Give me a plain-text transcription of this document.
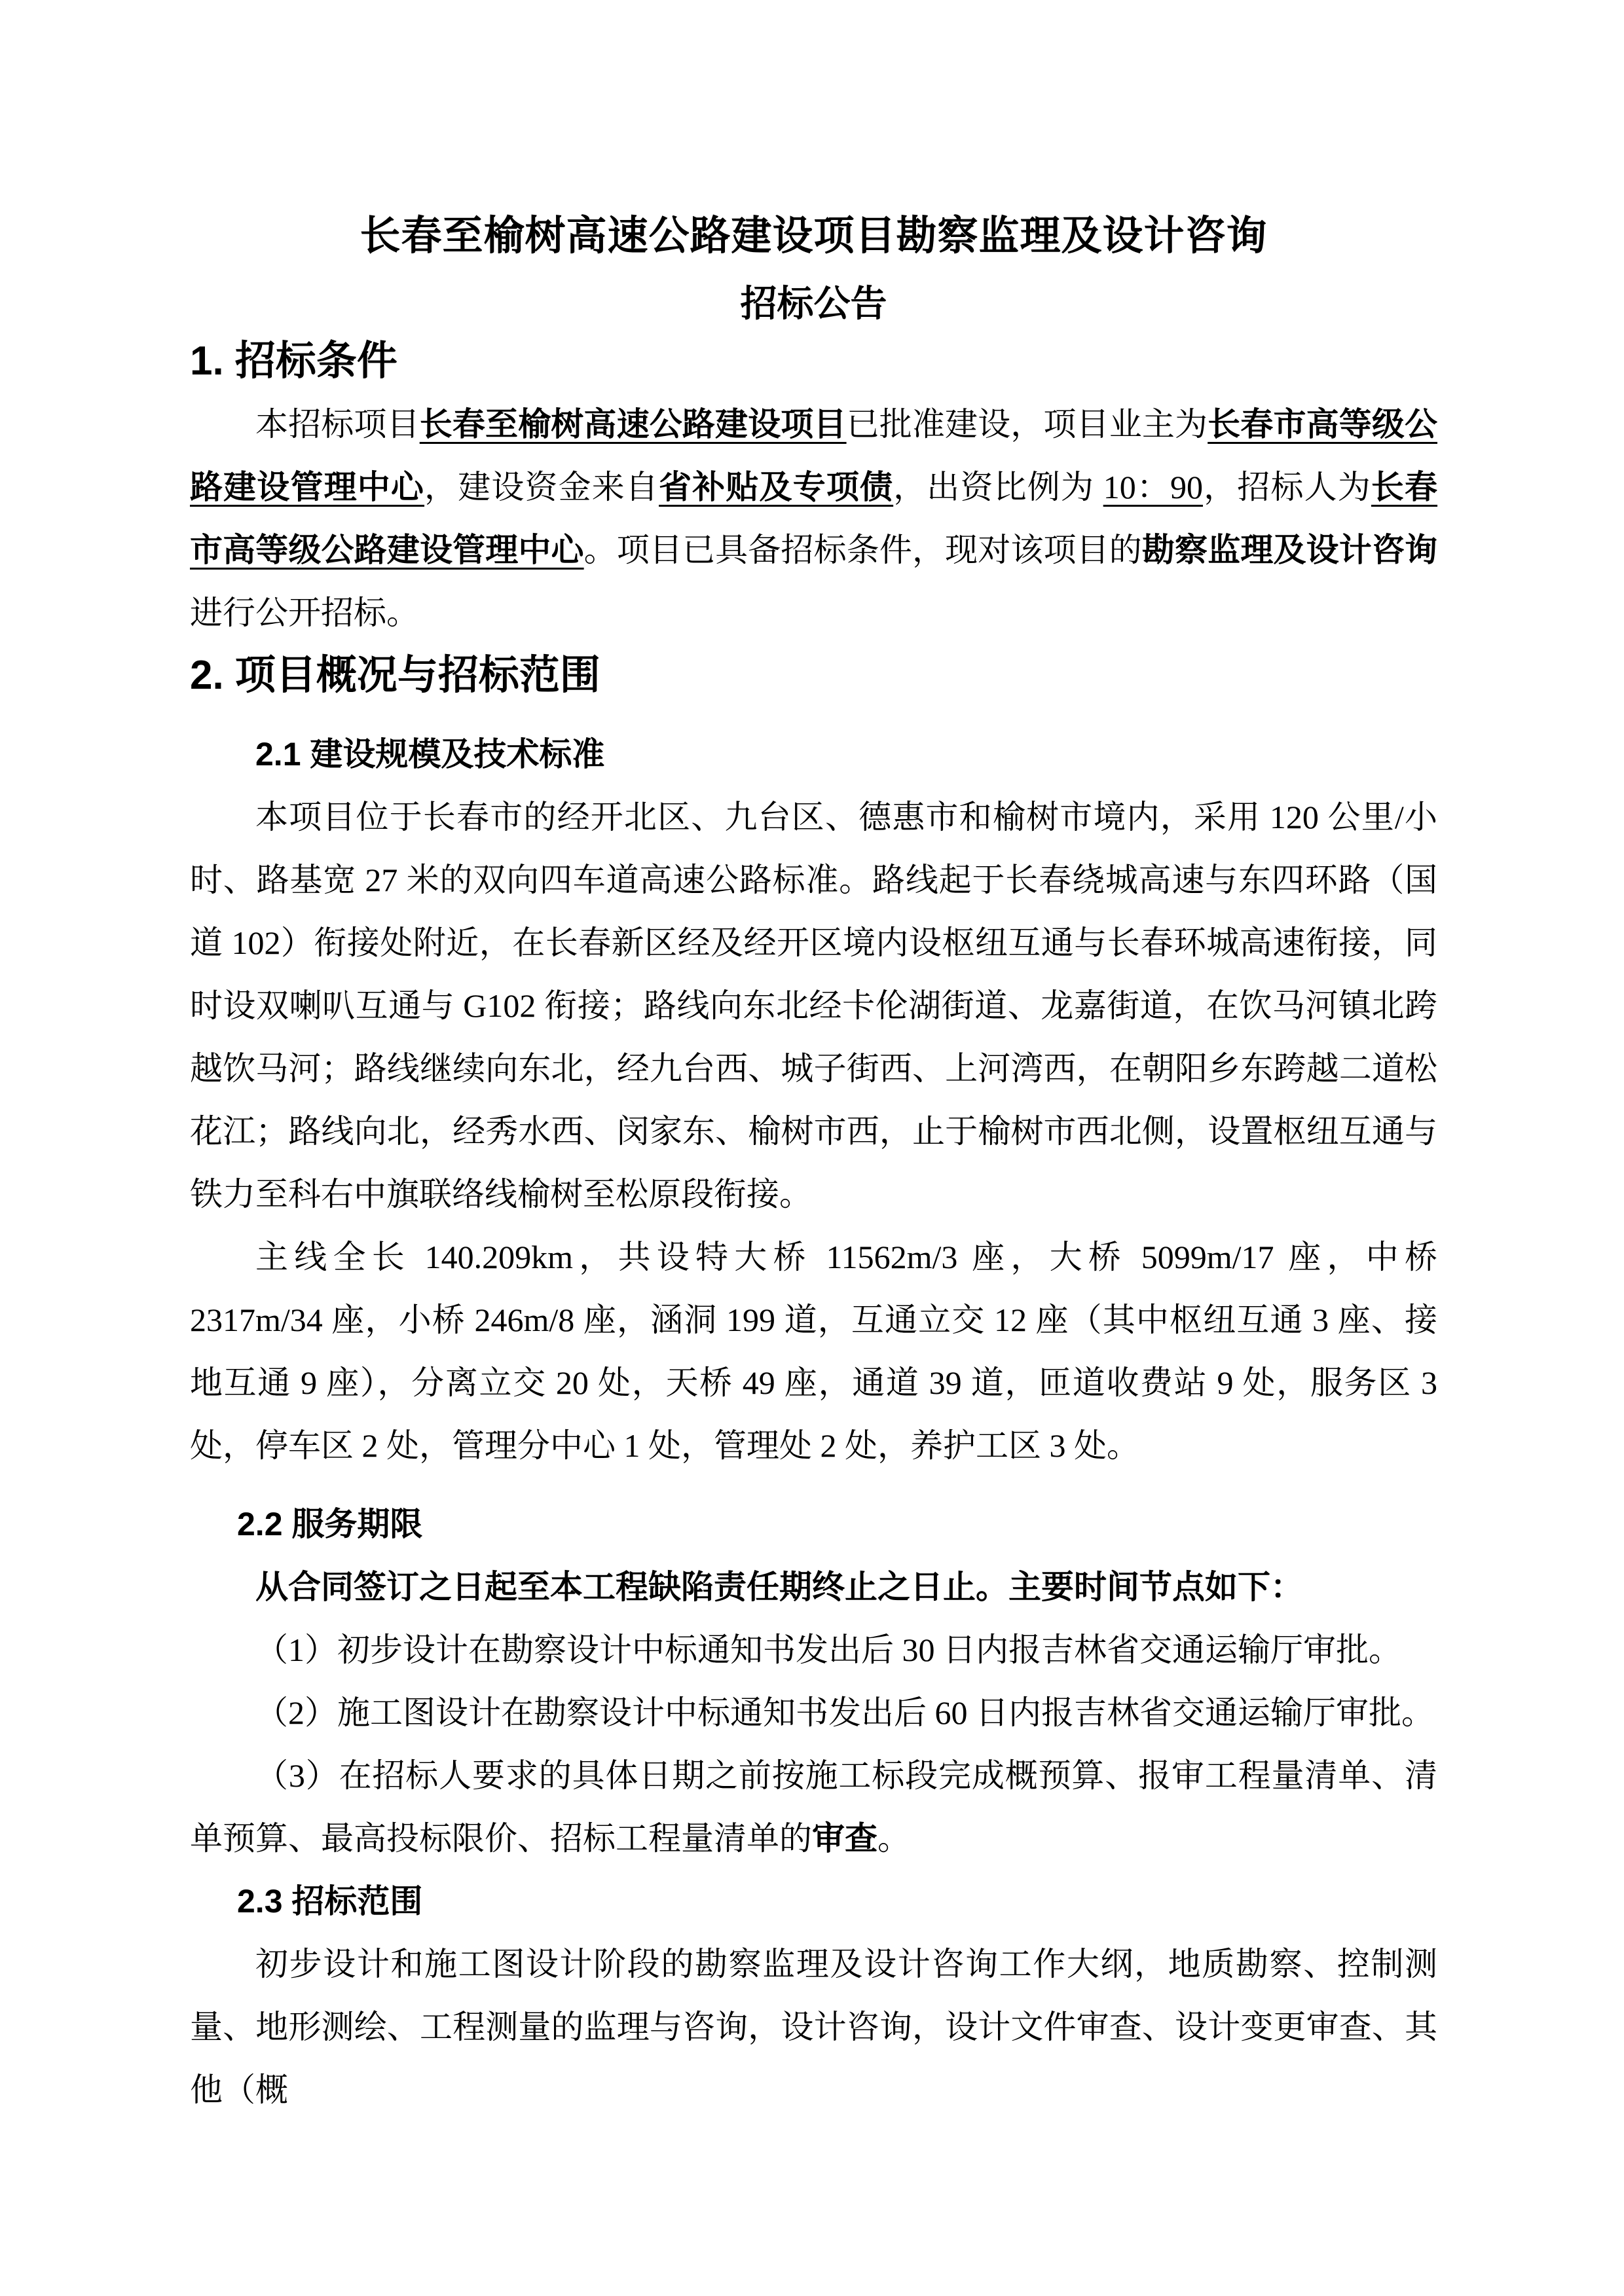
长春至榆树高速公路建设项目勘察监理及设计咨询
招标公告
1. 招标条件

本招标项目长春至榆树高速公路建设项目已批准建设，项目业主为长春市高等级公路建设管理中心，建设资金来自省补贴及专项债，出资比例为 10：90，招标人为长春市高等级公路建设管理中心。项目已具备招标条件，现对该项目的勘察监理及设计咨询进行公开招标。

2. 项目概况与招标范围
2.1 建设规模及技术标准

本项目位于长春市的经开北区、九台区、德惠市和榆树市境内，采用 120 公里/小时、路基宽 27 米的双向四车道高速公路标准。路线起于长春绕城高速与东四环路（国道 102）衔接处附近，在长春新区经及经开区境内设枢纽互通与长春环城高速衔接，同时设双喇叭互通与 G102 衔接；路线向东北经卡伦湖街道、龙嘉街道，在饮马河镇北跨越饮马河；路线继续向东北，经九台西、城子街西、上河湾西，在朝阳乡东跨越二道松花江；路线向北，经秀水西、闵家东、榆树市西，止于榆树市西北侧，设置枢纽互通与铁力至科右中旗联络线榆树至松原段衔接。

主线全长 140.209km，共设特大桥 11562m/3 座，大桥 5099m/17 座，中桥 2317m/34 座，小桥 246m/8 座，涵洞 199 道，互通立交 12 座（其中枢纽互通 3 座、接地互通 9 座），分离立交 20 处，天桥 49 座，通道 39 道，匝道收费站 9 处，服务区 3 处，停车区 2 处，管理分中心 1 处，管理处 2 处，养护工区 3 处。

2.2 服务期限

从合同签订之日起至本工程缺陷责任期终止之日止。主要时间节点如下：

（1）初步设计在勘察设计中标通知书发出后 30 日内报吉林省交通运输厅审批。

（2）施工图设计在勘察设计中标通知书发出后 60 日内报吉林省交通运输厅审批。

（3）在招标人要求的具体日期之前按施工标段完成概预算、报审工程量清单、清单预算、最高投标限价、招标工程量清单的审查。

2.3 招标范围

初步设计和施工图设计阶段的勘察监理及设计咨询工作大纲，地质勘察、控制测量、地形测绘、工程测量的监理与咨询，设计咨询，设计文件审查、设计变更审查、其他（概
